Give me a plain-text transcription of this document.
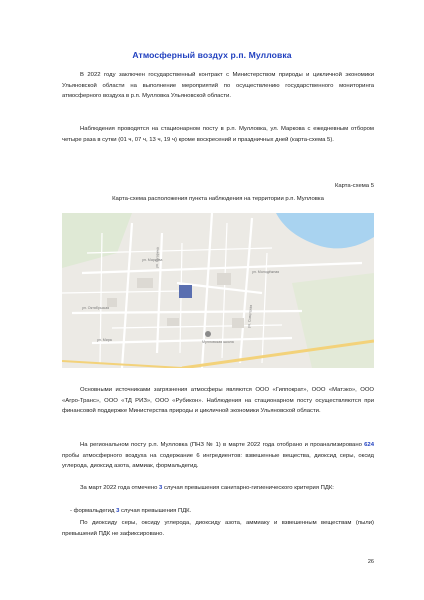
Атмосферный воздух р.п. Мулловка

В 2022 году заключен государственный контракт с Министерством природы и цикличной экономики Ульяновской области на выполнение мероприятий по осуществлению государственного мониторинга атмосферного воздуха в р.п. Мулловка Ульяновской области.

Наблюдения проводятся на стационарном посту в р.п. Мулловка, ул. Маркова с ежедневным отбором четыре раза в сутки (01 ч, 07 ч, 13 ч, 19 ч) кроме воскресений и праздничных дней (карта-схема 5).

Карта-схема 5
Карта-схема расположения пункта наблюдения на территории р.п. Мулловка
ул. Маркова
ул. Октябрьская
ул. Гагарина
ул. Молодёжная
ул. Мира
ул. Советская
Мулловская школа

Основными источниками загрязнения атмосферы являются ООО «Гиппократ», ООО «Матэко», ООО «Агро-Транс», ООО «ТД РИЗ», ООО «Рубикон». Наблюдения на стационарном посту осуществляются при финансовой поддержке Министерства природы и цикличной экономики Ульяновской области.

На региональном посту р.п. Мулловка (ПНЗ № 1) в марте 2022 года отобрано и проанализировано 624 пробы атмосферного воздуха на содержание 6 ингредиентов: взвешенные вещества, диоксид серы, оксид углерода, диоксид азота, аммиак, формальдегид.

За март 2022 года отмечено 3 случая превышения санитарно-гигиенического критерия ПДК:

- формальдегид 3 случая превышения ПДК.

По диоксиду серы, оксиду углерода, диоксиду азота, аммиаку и взвешенным веществам (пыли) превышений ПДК не зафиксировано.

26
